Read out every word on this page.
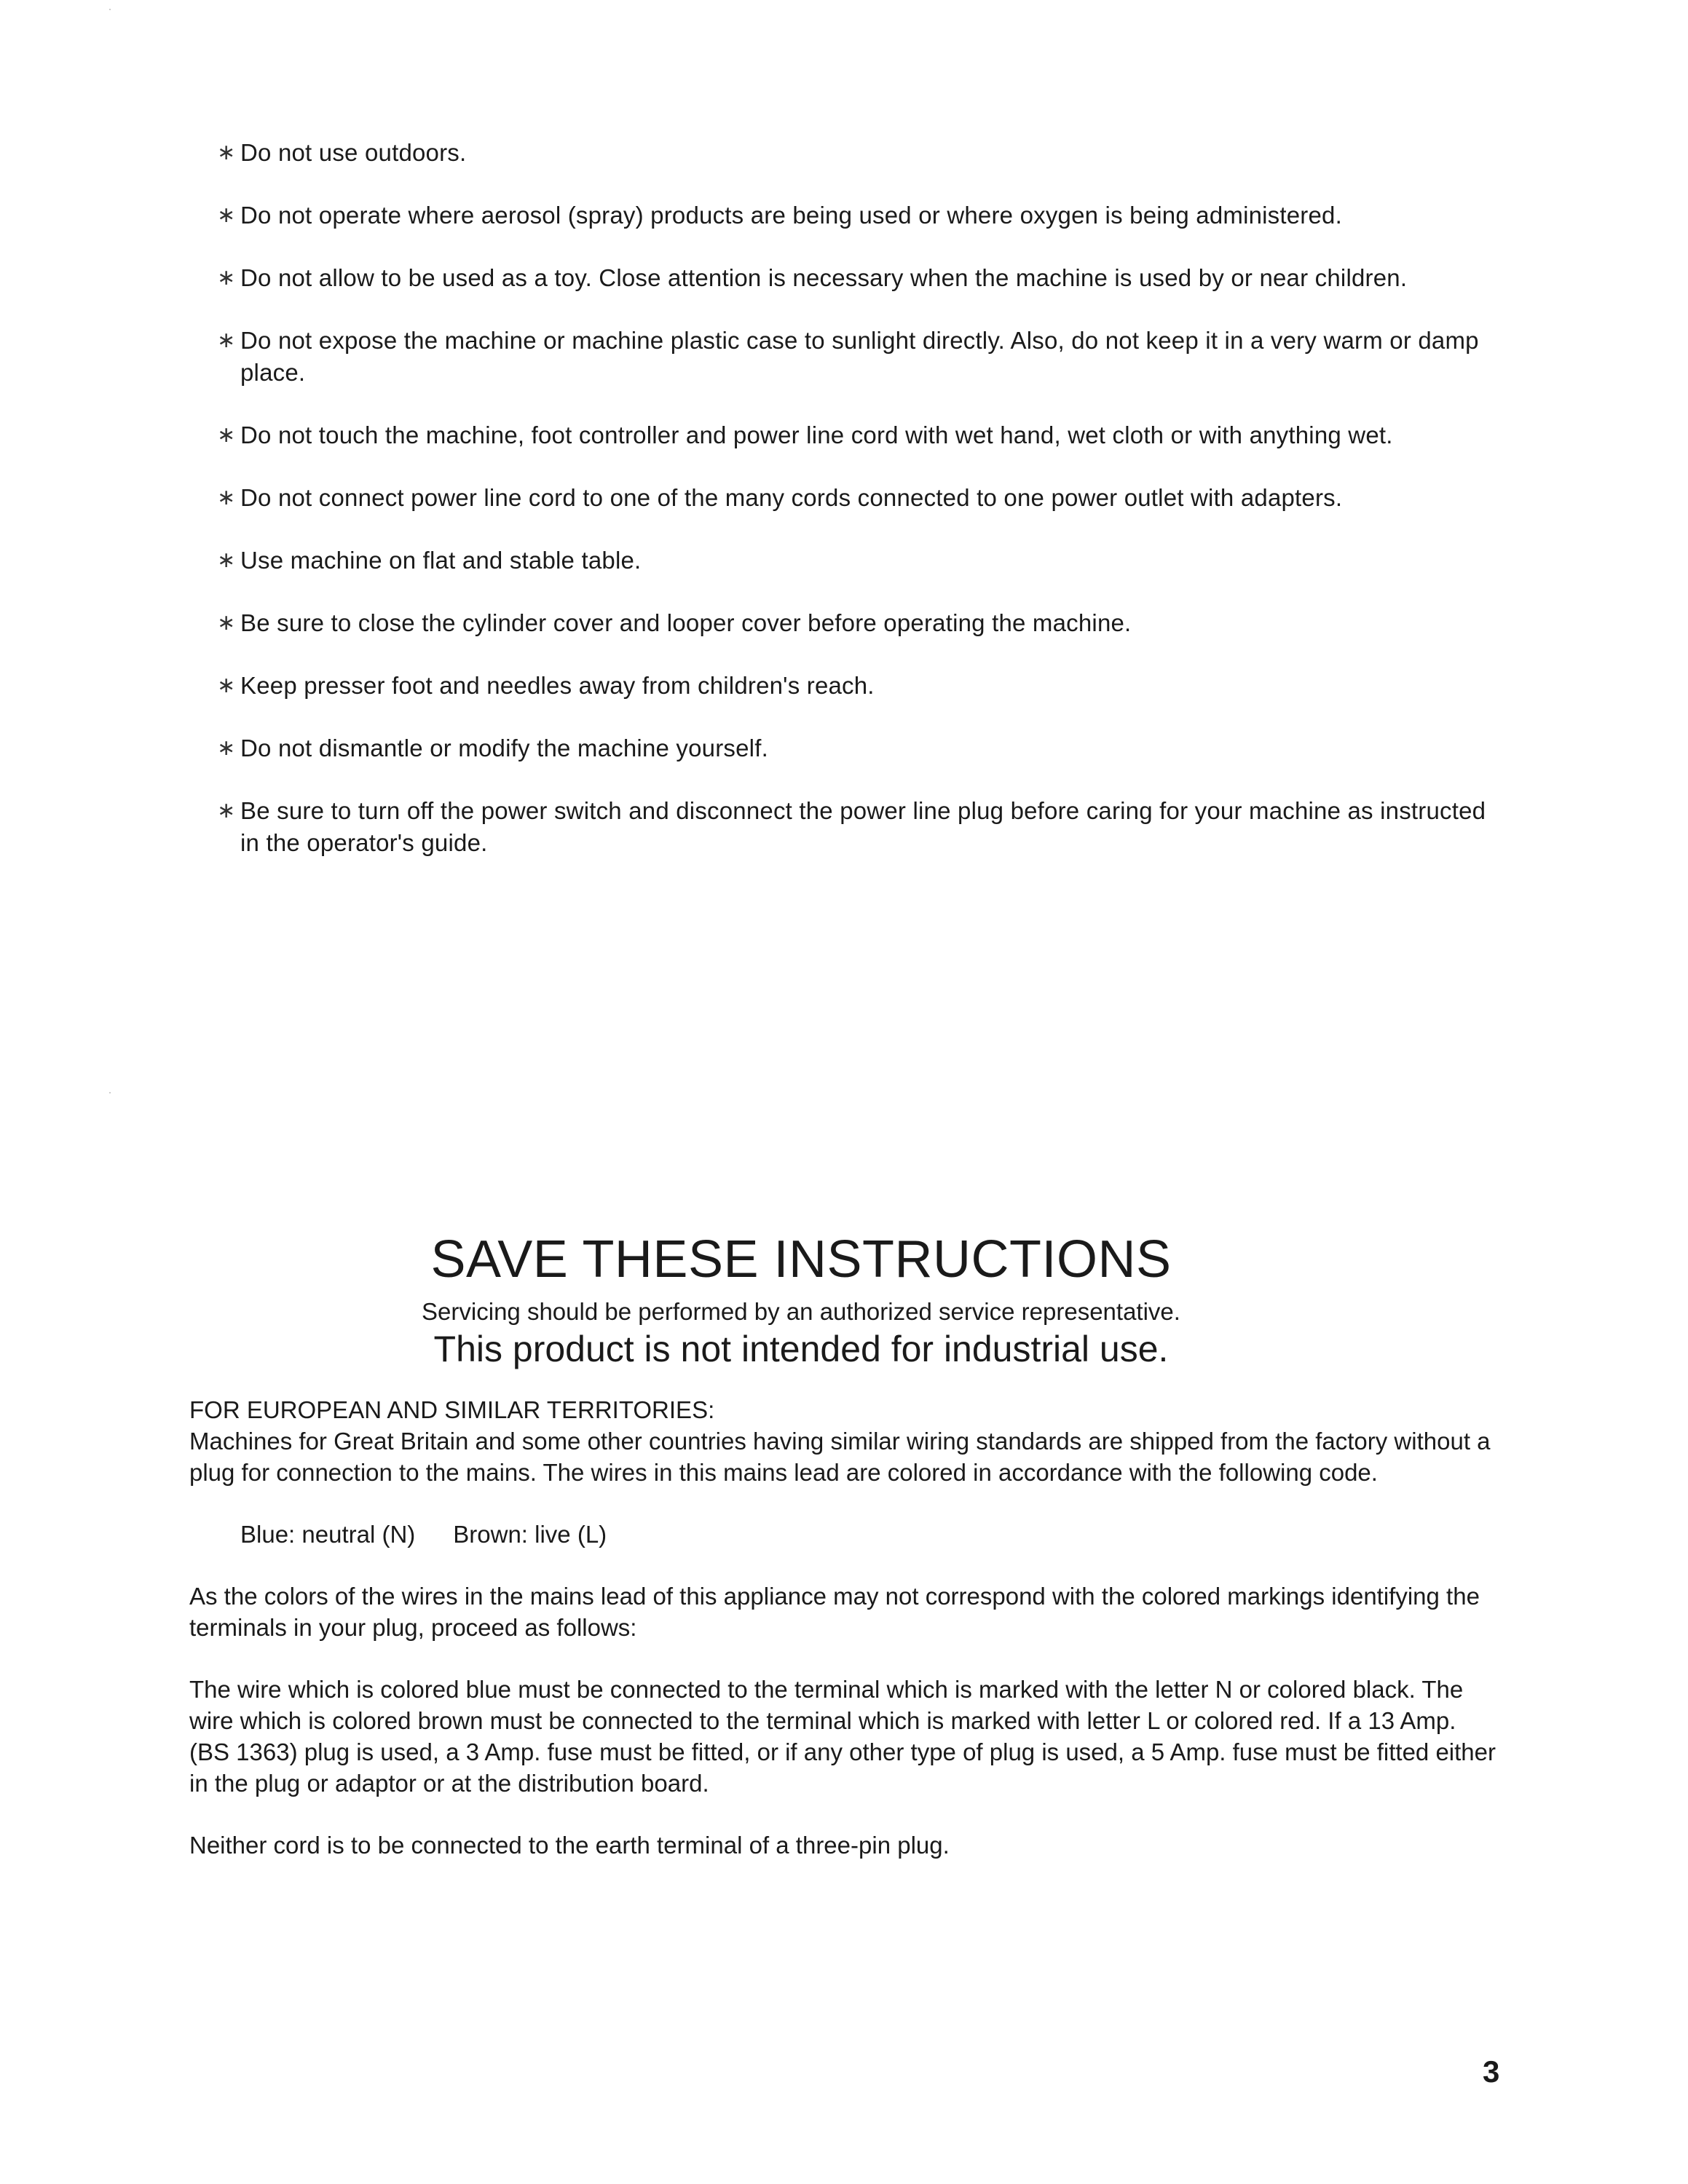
∗ Do not use outdoors.
∗ Do not operate where aerosol (spray) products are being used or where oxygen is being administered.
∗ Do not allow to be used as a toy. Close attention is necessary when the machine is used by or near children.
∗ Do not expose the machine or machine plastic case to sunlight directly. Also, do not keep it in a very warm or damp place.
∗ Do not touch the machine, foot controller and power line cord with wet hand, wet cloth or with anything wet.
∗ Do not connect power line cord to one of the many cords connected to one power outlet with adapters.
∗ Use machine on flat and stable table.
∗ Be sure to close the cylinder cover and looper cover before operating the machine.
∗ Keep presser foot and needles away from children's reach.
∗ Do not dismantle or modify the machine yourself.
∗ Be sure to turn off the power switch and disconnect the power line plug before caring for your machine as instructed in the operator's guide.
SAVE THESE INSTRUCTIONS
Servicing should be performed by an authorized service representative.
This product is not intended for industrial use.

FOR EUROPEAN AND SIMILAR TERRITORIES:

Machines for Great Britain and some other countries having similar wiring standards are shipped from the factory without a plug for connection to the mains. The wires in this mains lead are colored in accordance with the following code.

Blue: neutral (N) Brown: live (L)

As the colors of the wires in the mains lead of this appliance may not correspond with the colored markings identifying the terminals in your plug, proceed as follows:

The wire which is colored blue must be connected to the terminal which is marked with the letter N or colored black. The wire which is colored brown must be connected to the terminal which is marked with letter L or colored red. If a 13 Amp. (BS 1363) plug is used, a 3 Amp. fuse must be fitted, or if any other type of plug is used, a 5 Amp. fuse must be fitted either in the plug or adaptor or at the distribution board.

Neither cord is to be connected to the earth terminal of a three-pin plug.

3
